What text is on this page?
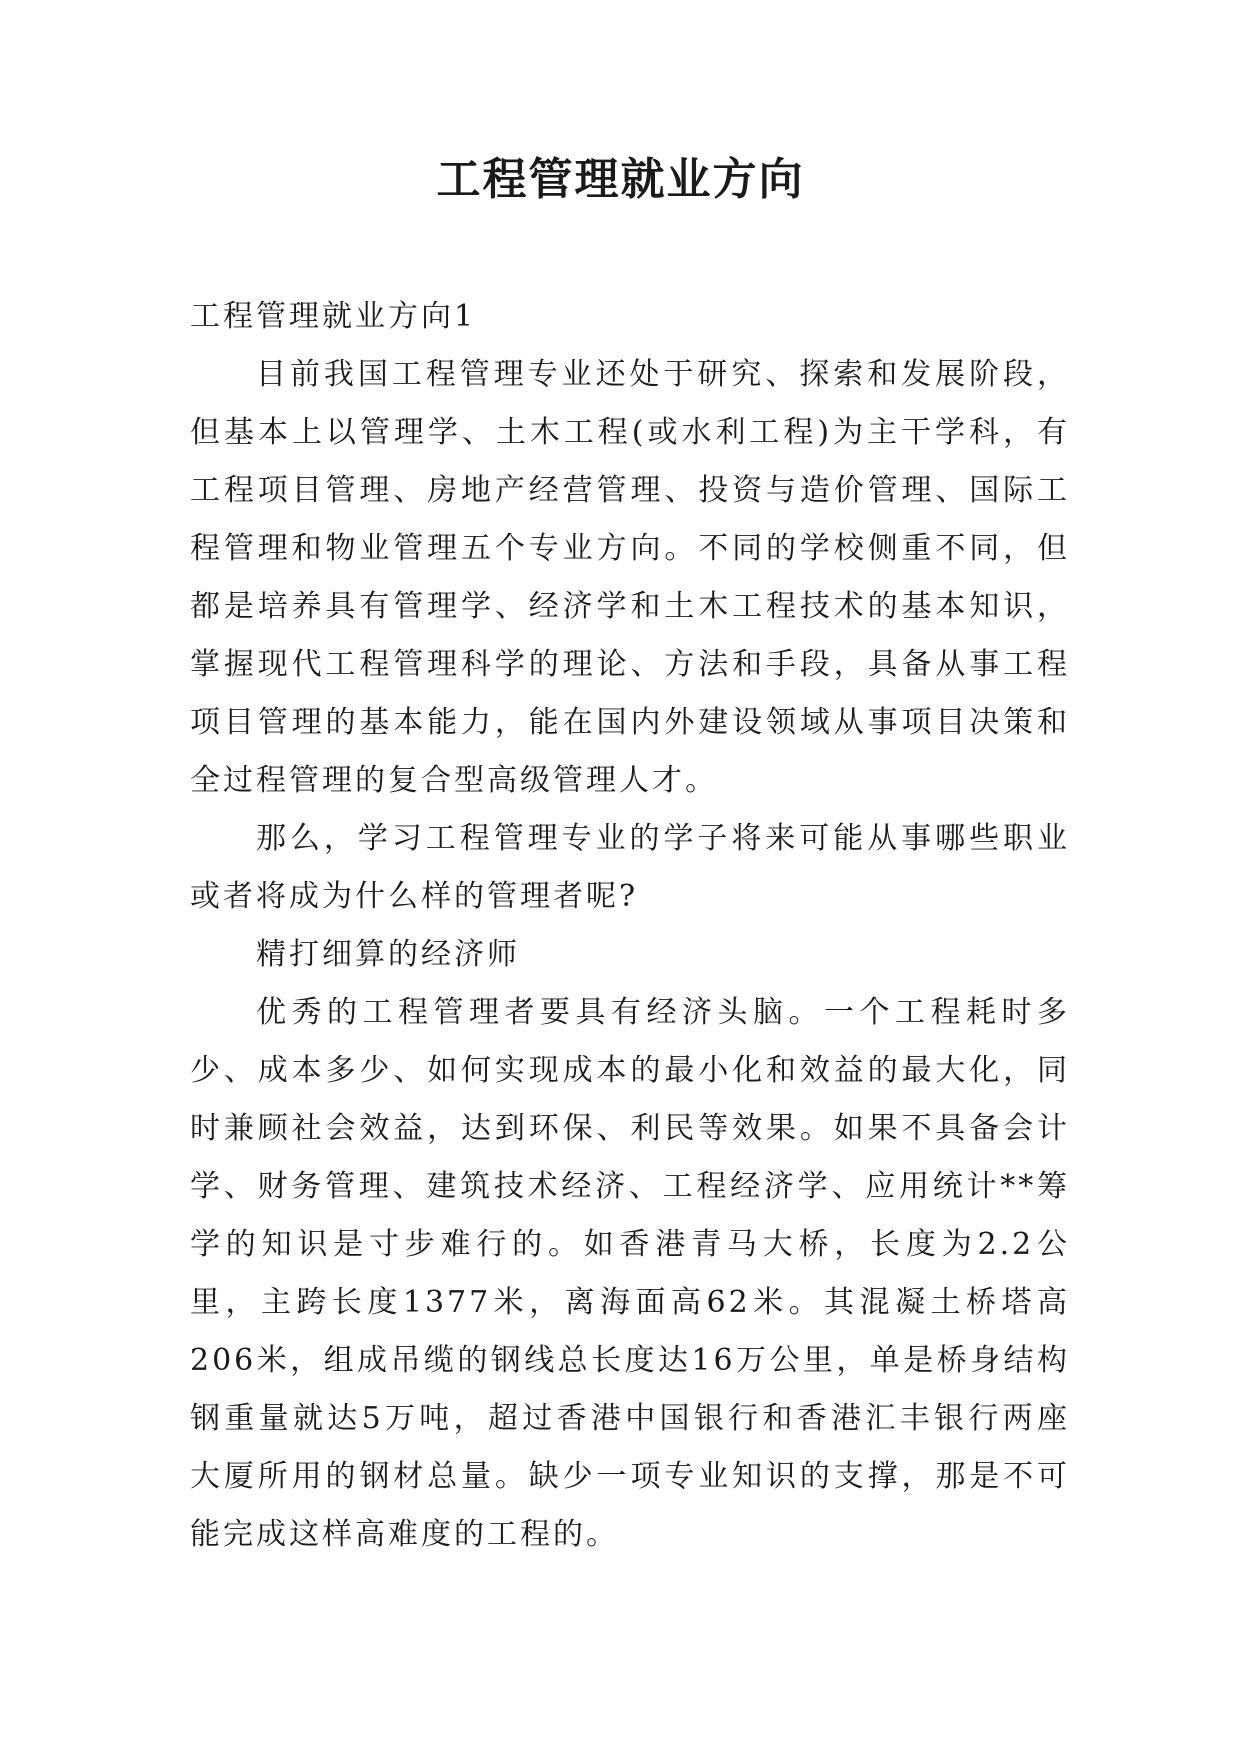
工程管理就业方向

工程管理就业方向1

目前我国工程管理专业还处于研究、探索和发展阶段，但基本上以管理学、土木工程(或水利工程)为主干学科，有工程项目管理、房地产经营管理、投资与造价管理、国际工程管理和物业管理五个专业方向。不同的学校侧重不同，但都是培养具有管理学、经济学和土木工程技术的基本知识，掌握现代工程管理科学的理论、方法和手段，具备从事工程项目管理的基本能力，能在国内外建设领域从事项目决策和全过程管理的复合型高级管理人才。

那么，学习工程管理专业的学子将来可能从事哪些职业或者将成为什么样的管理者呢?

精打细算的经济师

优秀的工程管理者要具有经济头脑。一个工程耗时多少、成本多少、如何实现成本的最小化和效益的最大化，同时兼顾社会效益，达到环保、利民等效果。如果不具备会计学、财务管理、建筑技术经济、工程经济学、应用统计**筹学的知识是寸步难行的。如香港青马大桥，长度为2.2公里，主跨长度1377米，离海面高62米。其混凝土桥塔高206米，组成吊缆的钢线总长度达16万公里，单是桥身结构钢重量就达5万吨，超过香港中国银行和香港汇丰银行两座大厦所用的钢材总量。缺少一项专业知识的支撑，那是不可能完成这样高难度的工程的。
